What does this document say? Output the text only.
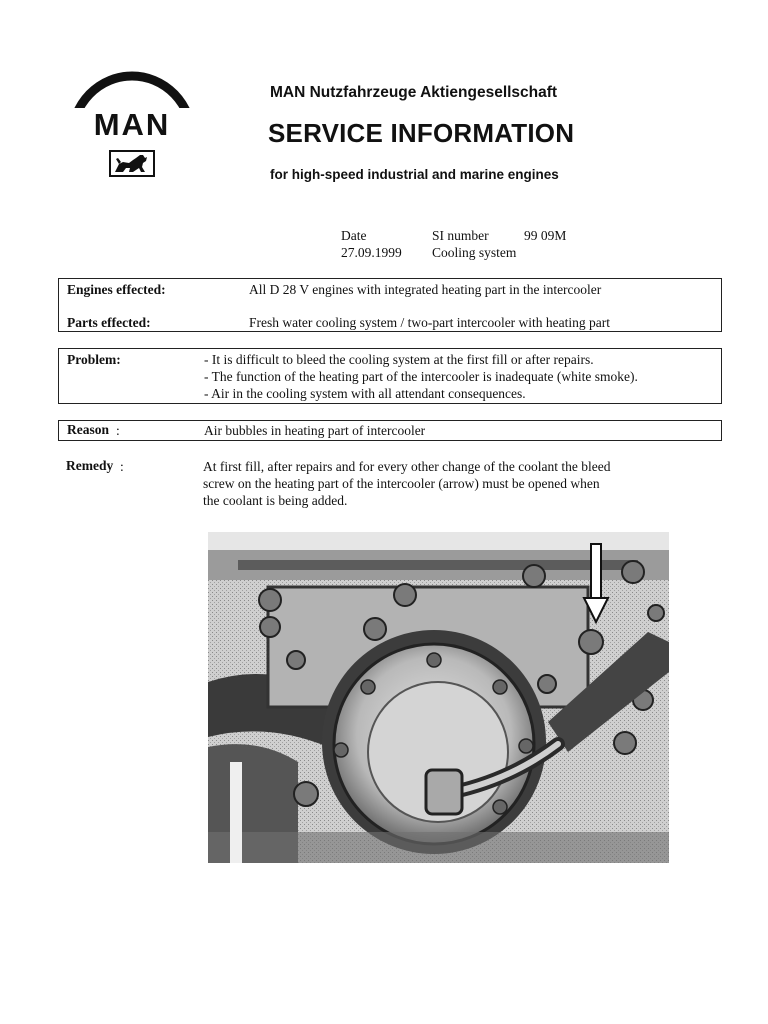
MAN
MAN Nutzfahrzeuge Aktiengesellschaft
SERVICE INFORMATION
for high-speed industrial and marine engines
Date	SI number	99 09M
27.09.1999 Cooling system
Engines effected:	All D 28 V engines with integrated heating part in the intercooler
Parts effected:	Fresh water cooling system / two-part intercooler with heating part
Problem:	- It is difficult to bleed the cooling system at the first fill or after repairs.
- The function of the heating part of the intercooler is inadequate (white smoke).
- Air in the cooling system with all attendant consequences.
Reason :	Air bubbles in heating part of intercooler
Remedy :	At first fill, after repairs and for every other change of the coolant the bleed
screw on the heating part of the intercooler (arrow) must be opened when
the coolant is being added.
